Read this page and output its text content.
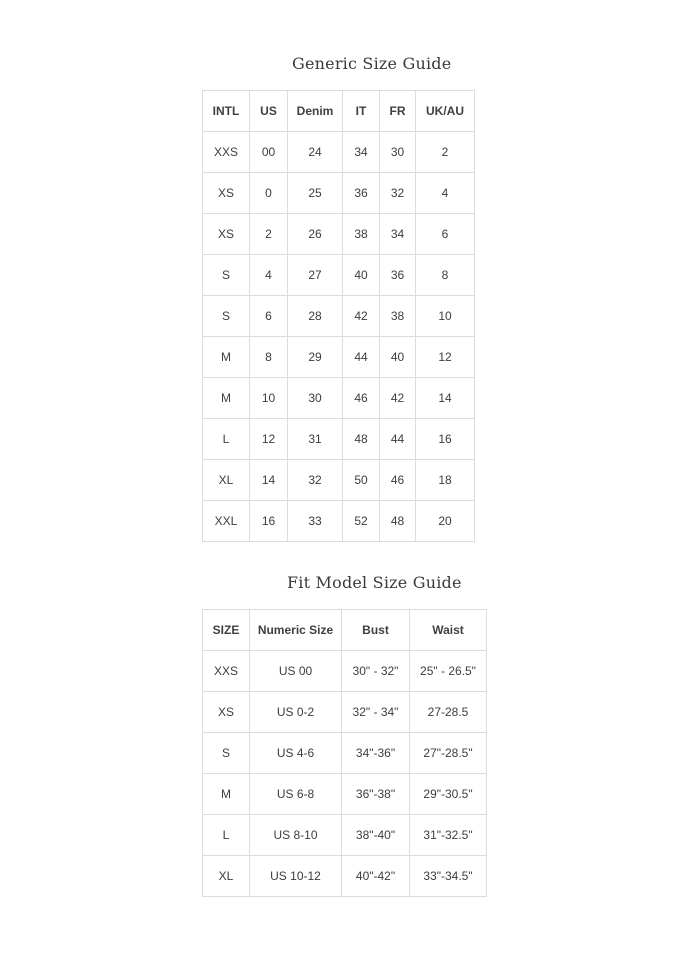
Generic Size Guide
INTL	US	Denim	IT	FR	UK/AU
XXS	00	24	34	30	2
XS	0	25	36	32	4
XS	2	26	38	34	6
S	4	27	40	36	8
S	6	28	42	38	10
M	8	29	44	40	12
M	10	30	46	42	14
L	12	31	48	44	16
XL	14	32	50	46	18
XXL	16	33	52	48	20
Fit Model Size Guide
SIZE	Numeric Size	Bust	Waist
XXS	US 00	30" - 32"	25" - 26.5"
XS	US 0-2	32" - 34"	27-28.5
S	US 4-6	34"-36"	27"-28.5"
M	US 6-8	36"-38"	29"-30.5"
L	US 8-10	38"-40"	31"-32.5"
XL	US 10-12	40"-42"	33"-34.5"
